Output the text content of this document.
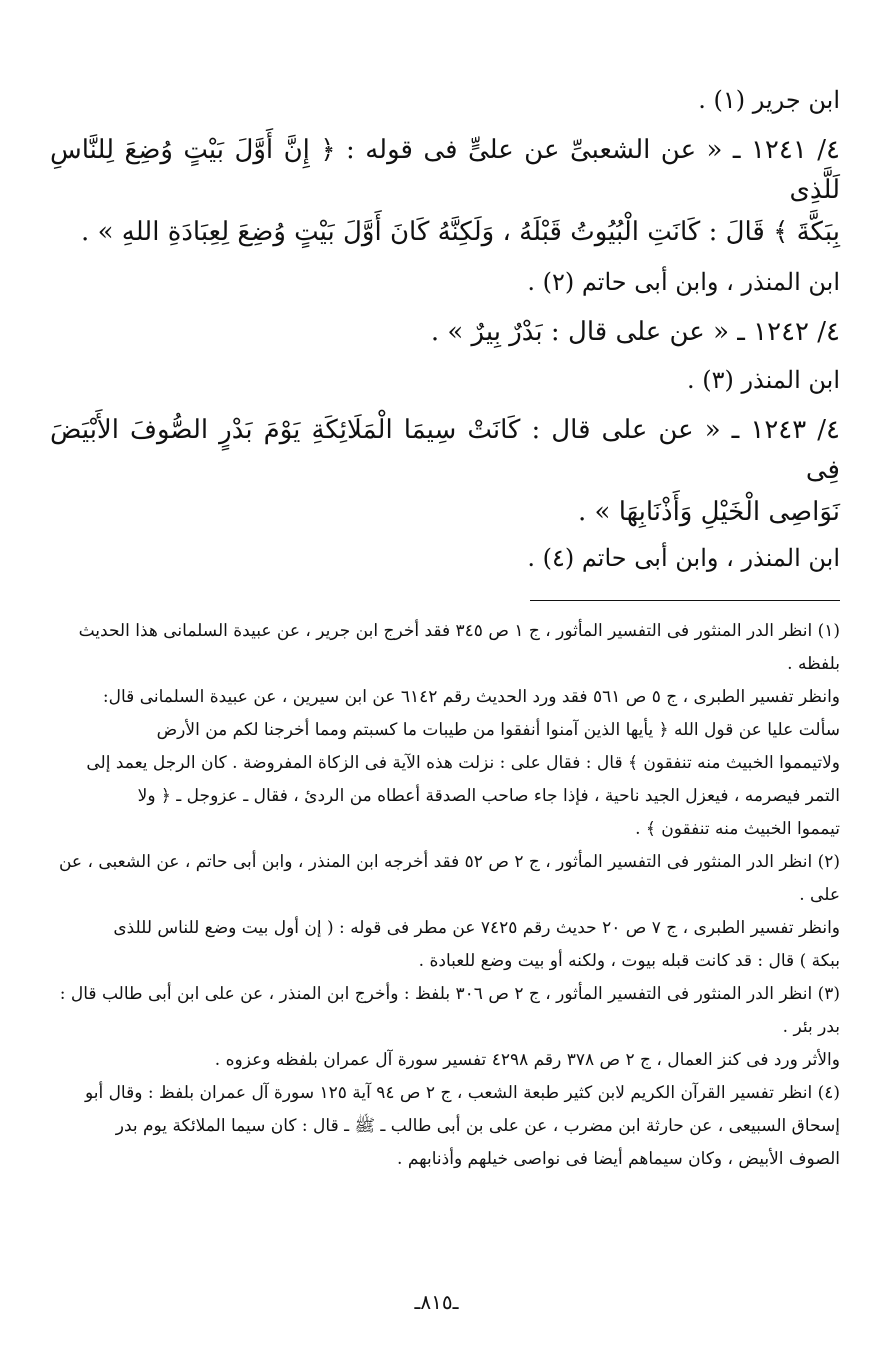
ابن جرير (١) .

٤/ ١٢٤١ ـ « عن الشعبىِّ عن علىٍّ فى قوله : ﴿ إِنَّ أَوَّلَ بَيْتٍ وُضِعَ لِلنَّاسِ لَلَّذِى

بِبَكَّةَ ﴾ قَالَ : كَانَتِ الْبُيُوتُ قَبْلَهُ ، وَلَكِنَّهُ كَانَ أَوَّلَ بَيْتٍ وُضِعَ لِعِبَادَةِ اللهِ » .

ابن المنذر ، وابن أبى حاتم (٢) .

٤/ ١٢٤٢ ـ « عن على قال : بَدْرٌ بِيرٌ » .

ابن المنذر (٣) .

٤/ ١٢٤٣ ـ « عن على قال : كَانَتْ سِيمَا الْمَلَائِكَةِ يَوْمَ بَدْرٍ الصُّوفَ الأَبْيَضَ فِى

نَوَاصِى الْخَيْلِ وَأَذْنَابِهَا » .

ابن المنذر ، وابن أبى حاتم (٤) .

(١) انظر الدر المنثور فى التفسير المأثور ، ج ١ ص ٣٤٥ فقد أخرج ابن جرير ، عن عبيدة السلمانى هذا الحديث

بلفظه .

وانظر تفسير الطبرى ، ج ٥ ص ٥٦١ فقد ورد الحديث رقم ٦١٤٢ عن ابن سيرين ، عن عبيدة السلمانى قال:

سألت عليا عن قول الله ﴿ يأيها الذين آمنوا أنفقوا من طيبات ما كسبتم ومما أخرجنا لكم من الأرض

ولاتيمموا الخبيث منه تنفقون ﴾ قال : فقال على : نزلت هذه الآية فى الزكاة المفروضة . كان الرجل يعمد إلى

التمر فيصرمه ، فيعزل الجيد ناحية ، فإذا جاء صاحب الصدقة أعطاه من الردئ ، فقال ـ عزوجل ـ ﴿ ولا

تيمموا الخبيث منه تنفقون ﴾ .

(٢) انظر الدر المنثور فى التفسير المأثور ، ج ٢ ص ٥٢ فقد أخرجه ابن المنذر ، وابن أبى حاتم ، عن الشعبى ، عن

على .

وانظر تفسير الطبرى ، ج ٧ ص ٢٠ حديث رقم ٧٤٢٥ عن مطر فى قوله : ( إن أول بيت وضع للناس لللذى

ببكة ) قال : قد كانت قبله بيوت ، ولكنه أو بيت وضع للعبادة .

(٣) انظر الدر المنثور فى التفسير المأثور ، ج ٢ ص ٣٠٦ بلفظ : وأخرج ابن المنذر ، عن على ابن أبى طالب قال :

بدر بئر .

والأثر ورد فى كنز العمال ، ج ٢ ص ٣٧٨ رقم ٤٢٩٨ تفسير سورة آل عمران بلفظه وعزوه .

(٤) انظر تفسير القرآن الكريم لابن كثير طبعة الشعب ، ج ٢ ص ٩٤ آية ١٢٥ سورة آل عمران بلفظ : وقال أبو

إسحاق السبيعى ، عن حارثة ابن مضرب ، عن على بن أبى طالب ـ ﷺ ـ قال : كان سيما الملائكة يوم بدر

الصوف الأبيض ، وكان سيماهم أيضا فى نواصى خيلهم وأذنابهم .

ـ٨١٥ـ
